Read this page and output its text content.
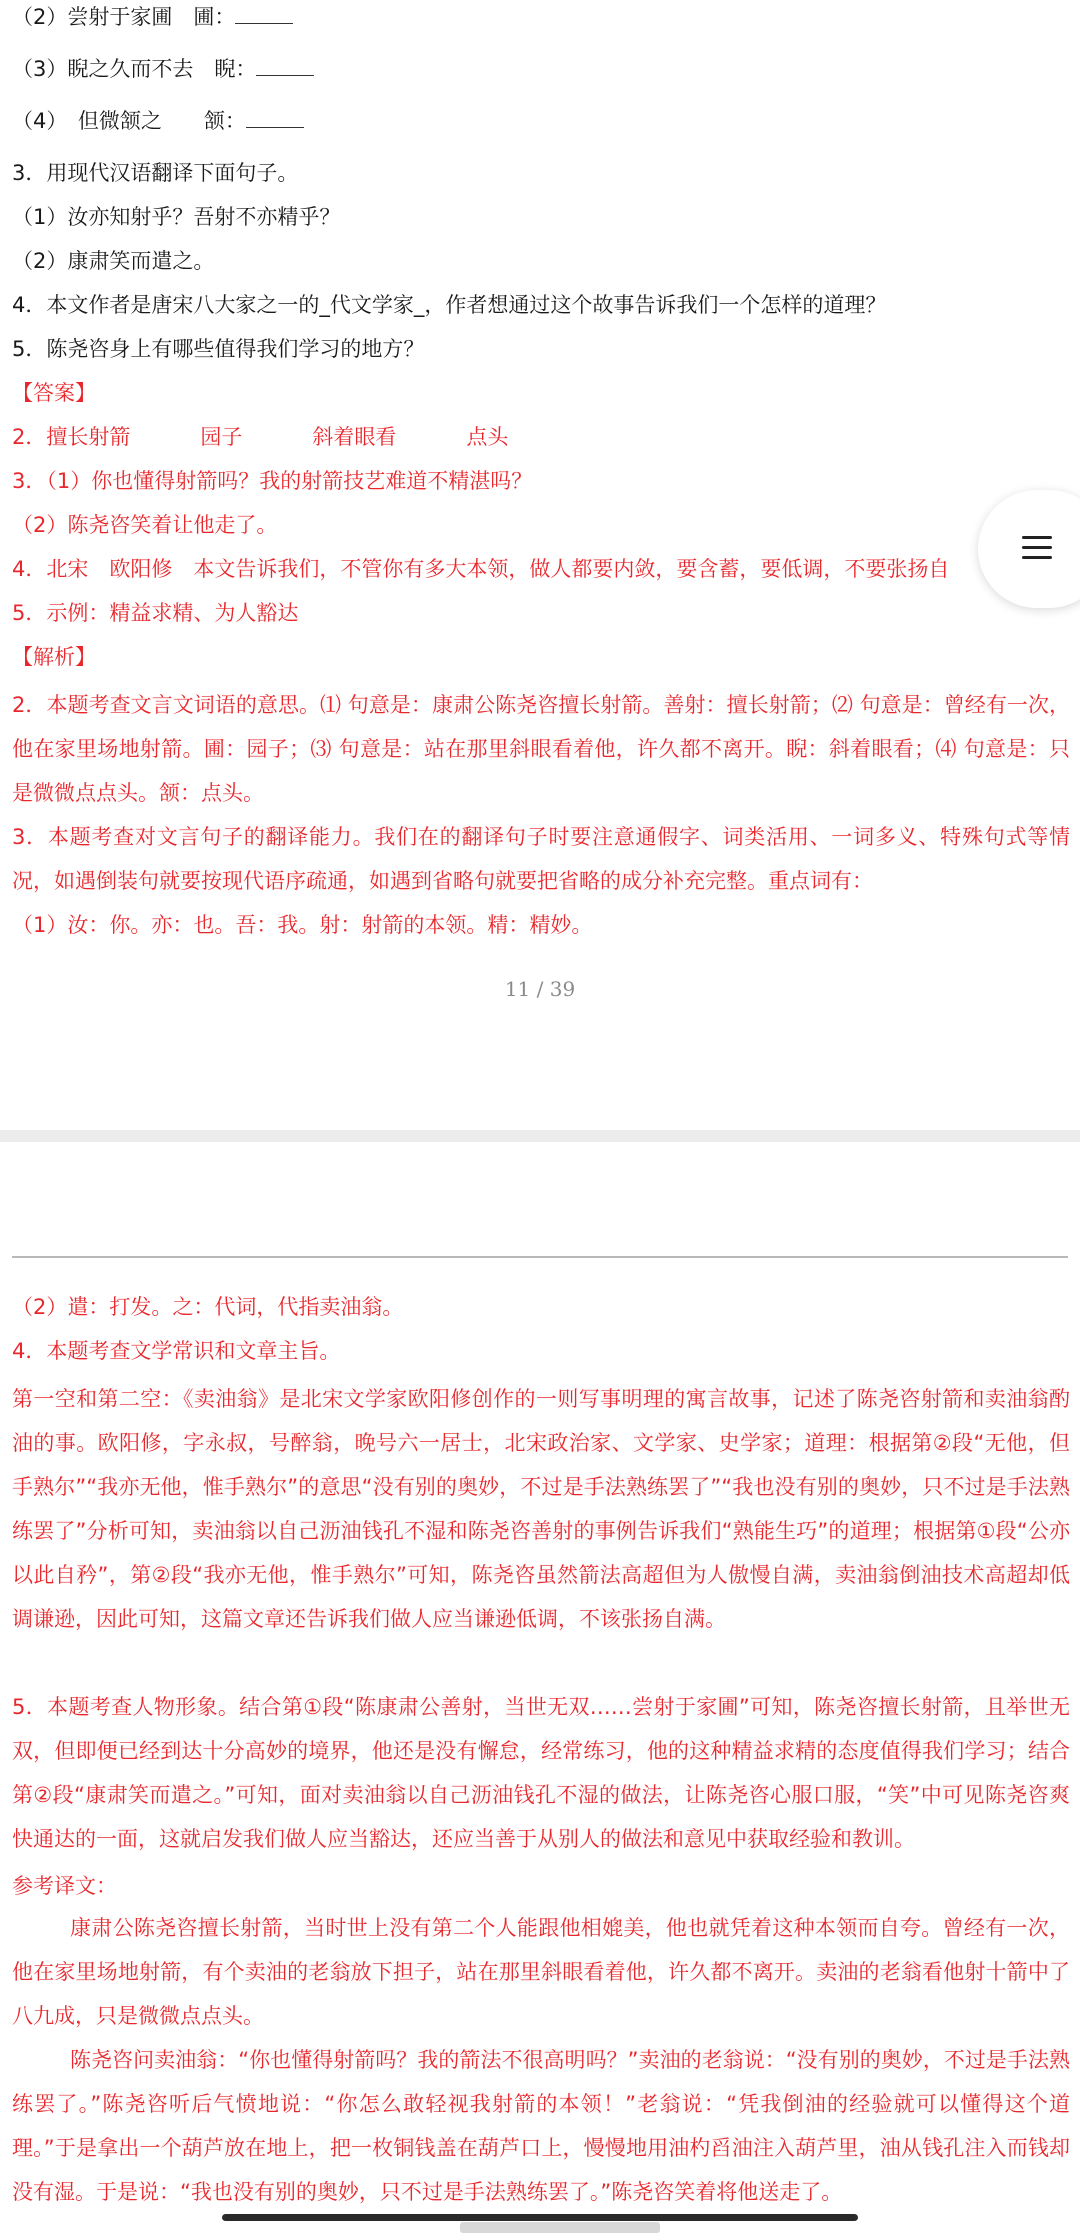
（2）尝射于家圃　圃：
（3）睨之久而不去　睨：
（4）　但微颔之　　颔：
3．用现代汉语翻译下面句子。
（1）汝亦知射乎？吾射不亦精乎？
（2）康肃笑而遣之。
4．本文作者是唐宋八大家之一的_代文学家_，作者想通过这个故事告诉我们一个怎样的道理？
5．陈尧咨身上有哪些值得我们学习的地方？
【答案】
2．擅长射箭	园子	斜着眼看	点头
3．（1）你也懂得射箭吗？我的射箭技艺难道不精湛吗？
（2）陈尧咨笑着让他走了。
4．北宋　欧阳修　本文告诉我们，不管你有多大本领，做人都要内敛，要含蓄，要低调，不要张扬自
5．示例：精益求精、为人豁达
【解析】
2．本题考查文言文词语的意思。⑴ 句意是：康肃公陈尧咨擅长射箭。善射：擅长射箭；⑵ 句意是：曾经有一次，他在家里场地射箭。圃：园子；⑶ 句意是：站在那里斜眼看着他，许久都不离开。睨：斜着眼看；⑷ 句意是：只是微微点点头。颔：点头。
3．本题考查对文言句子的翻译能力。我们在的翻译句子时要注意通假字、词类活用、一词多义、特殊句式等情况，如遇倒装句就要按现代语序疏通，如遇到省略句就要把省略的成分补充完整。重点词有：
（1）汝：你。亦：也。吾：我。射：射箭的本领。精：精妙。
11 / 39
（2）遣：打发。之：代词，代指卖油翁。
4．本题考查文学常识和文章主旨。
第一空和第二空：《卖油翁》是北宋文学家欧阳修创作的一则写事明理的寓言故事，记述了陈尧咨射箭和卖油翁酌油的事。欧阳修，字永叔，号醉翁，晚号六一居士，北宋政治家、文学家、史学家；道理：根据第②段“无他，但手熟尔”“我亦无他，惟手熟尔”的意思“没有别的奥妙，不过是手法熟练罢了”“我也没有别的奥妙，只不过是手法熟练罢了”分析可知，卖油翁以自己沥油钱孔不湿和陈尧咨善射的事例告诉我们“熟能生巧”的道理；根据第①段“公亦以此自矜”，第②段“我亦无他，惟手熟尔”可知，陈尧咨虽然箭法高超但为人傲慢自满，卖油翁倒油技术高超却低调谦逊，因此可知，这篇文章还告诉我们做人应当谦逊低调，不该张扬自满。
5．本题考查人物形象。结合第①段“陈康肃公善射，当世无双……尝射于家圃”可知，陈尧咨擅长射箭，且举世无双，但即便已经到达十分高妙的境界，他还是没有懈怠，经常练习，他的这种精益求精的态度值得我们学习；结合第②段“康肃笑而遣之。”可知，面对卖油翁以自己沥油钱孔不湿的做法，让陈尧咨心服口服，“笑”中可见陈尧咨爽快通达的一面，这就启发我们做人应当豁达，还应当善于从别人的做法和意见中获取经验和教训。
参考译文：
康肃公陈尧咨擅长射箭，当时世上没有第二个人能跟他相媲美，他也就凭着这种本领而自夸。曾经有一次，他在家里场地射箭，有个卖油的老翁放下担子，站在那里斜眼看着他，许久都不离开。卖油的老翁看他射十箭中了八九成，只是微微点点头。
陈尧咨问卖油翁：“你也懂得射箭吗？我的箭法不很高明吗？”卖油的老翁说：“没有别的奥妙，不过是手法熟练罢了。”陈尧咨听后气愤地说：“你怎么敢轻视我射箭的本领！”老翁说：“凭我倒油的经验就可以懂得这个道理。”于是拿出一个葫芦放在地上，把一枚铜钱盖在葫芦口上，慢慢地用油杓舀油注入葫芦里，油从钱孔注入而钱却没有湿。于是说：“我也没有别的奥妙，只不过是手法熟练罢了。”陈尧咨笑着将他送走了。
